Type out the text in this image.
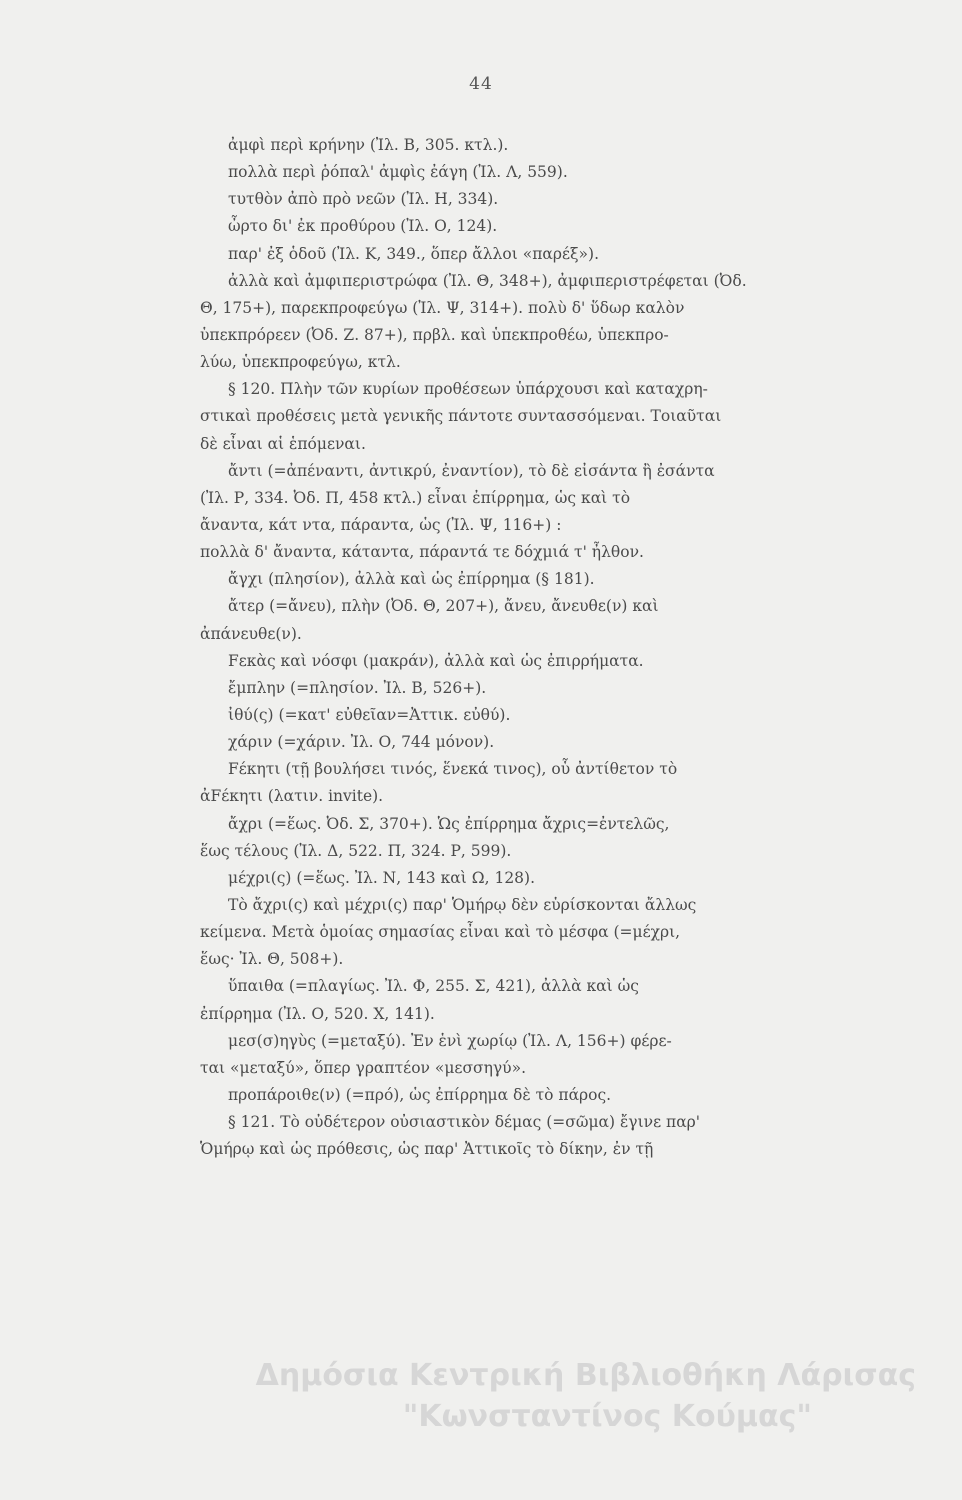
44
ἀμφὶ περὶ κρήνην (Ἰλ. Β, 305. κτλ.).
πολλὰ περὶ ῥόπαλ' ἀμφὶς ἐάγη (Ἰλ. Λ, 559).
τυτθὸν ἀπὸ πρὸ νεῶν (Ἰλ. Η, 334).
ὦρτο δι' ἐκ προθύρου (Ἰλ. Ο, 124).
παρ' ἐξ ὁδοῦ (Ἰλ. Κ, 349., ὅπερ ἄλλοι «παρέξ»).
ἀλλὰ καὶ ἀμφιπεριστρώφα (Ἰλ. Θ, 348+), ἀμφιπεριστρέφεται (Ὀδ.
Θ, 175+), παρεκπροφεύγω (Ἰλ. Ψ, 314+). πολὺ δ' ὕδωρ καλὸν
ὑπεκπρόρεεν (Ὀδ. Ζ. 87+), πρβλ. καὶ ὑπεκπροθέω, ὑπεκπρο-
λύω, ὑπεκπροφεύγω, κτλ.
§ 120. Πλὴν τῶν κυρίων προθέσεων ὑπάρχουσι καὶ καταχρη-
στικαὶ προθέσεις μετὰ γενικῆς πάντοτε συντασσόμεναι. Τοιαῦται
δὲ εἶναι αἱ ἑπόμεναι.
ἄντι (=ἀπέναντι, ἀντικρύ, ἐναντίον), τὸ δὲ εἰσάντα ἢ ἐσάντα
(Ἰλ. Ρ, 334. Ὀδ. Π, 458 κτλ.) εἶναι ἐπίρρημα, ὡς καὶ τὸ
ἄναντα, κάτ ντα, πάραντα, ὡς (Ἰλ. Ψ, 116+) :
πολλὰ δ' ἄναντα, κάταντα, πάραντά τε δόχμιά τ' ἦλθον.
ἄγχι (πλησίον), ἀλλὰ καὶ ὡς ἐπίρρημα (§ 181).
ἄτερ (=ἄνευ), πλὴν (Ὀδ. Θ, 207+), ἄνευ, ἄνευθε(ν) καὶ
ἀπάνευθε(ν).
Fεκὰς καὶ νόσφι (μακράν), ἀλλὰ καὶ ὡς ἐπιρρήματα.
ἔμπλην (=πλησίον. Ἰλ. Β, 526+).
ἰθύ(ς) (=κατ' εὐθεῖαν=Ἀττικ. εὐθύ).
χάριν (=χάριν. Ἰλ. Ο, 744 μόνον).
Fέκητι (τῇ βουλήσει τινός, ἕνεκά τινος), οὗ ἀντίθετον τὸ
ἀFέκητι (λατιν. invite).
ἄχρι (=ἕως. Ὀδ. Σ, 370+). Ὡς ἐπίρρημα ἄχρις=ἐντελῶς,
ἕως τέλους (Ἰλ. Δ, 522. Π, 324. Ρ, 599).
μέχρι(ς) (=ἕως. Ἰλ. Ν, 143 καὶ Ω, 128).
Τὸ ἄχρι(ς) καὶ μέχρι(ς) παρ' Ὁμήρῳ δὲν εὑρίσκονται ἄλλως
κείμενα. Μετὰ ὁμοίας σημασίας εἶναι καὶ τὸ μέσφα (=μέχρι,
ἕως· Ἰλ. Θ, 508+).
ὕπαιθα (=πλαγίως. Ἰλ. Φ, 255. Σ, 421), ἀλλὰ καὶ ὡς
ἐπίρρημα (Ἰλ. Ο, 520. Χ, 141).
μεσ(σ)ηγὺς (=μεταξύ). Ἐν ἑνὶ χωρίῳ (Ἰλ. Λ, 156+) φέρε-
ται «μεταξύ», ὅπερ γραπτέον «μεσσηγύ».
προπάροιθε(ν) (=πρό), ὡς ἐπίρρημα δὲ τὸ πάρος.
§ 121. Τὸ οὐδέτερον οὐσιαστικὸν δέμας (=σῶμα) ἔγινε παρ'
Ὁμήρῳ καὶ ὡς πρόθεσις, ὡς παρ' Ἀττικοῖς τὸ δίκην, ἐν τῇ
Δημόσια Κεντρική Βιβλιοθήκη Λάρισας
"Κωνσταντίνος Κούμας"
